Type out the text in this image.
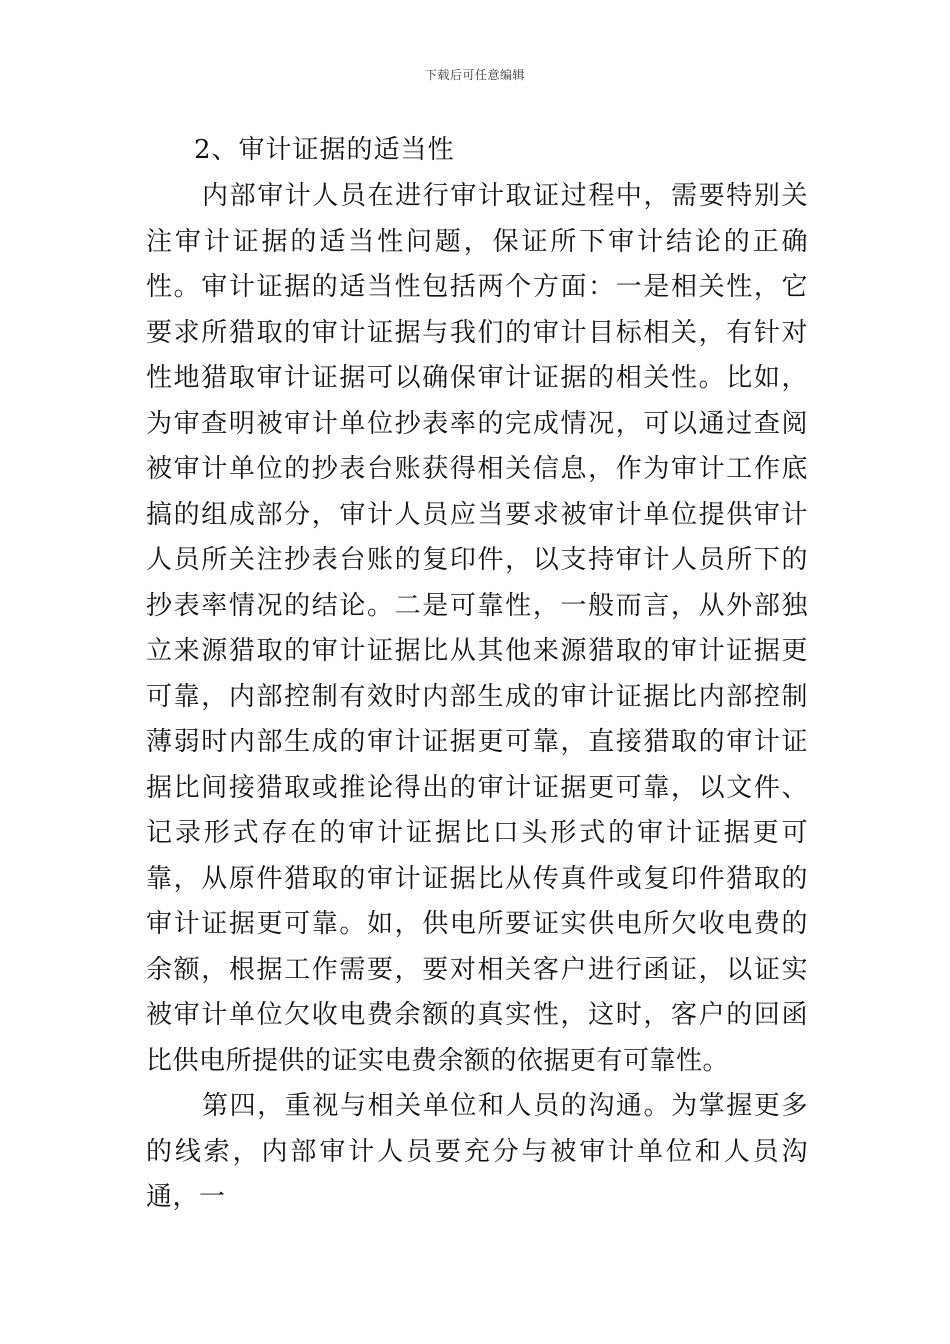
下载后可任意编辑
2、审计证据的适当性

内部审计人员在进行审计取证过程中，需要特别关注审计证据的适当性问题，保证所下审计结论的正确性。审计证据的适当性包括两个方面：一是相关性，它要求所猎取的审计证据与我们的审计目标相关，有针对性地猎取审计证据可以确保审计证据的相关性。比如，为审查明被审计单位抄表率的完成情况，可以通过查阅被审计单位的抄表台账获得相关信息，作为审计工作底搞的组成部分，审计人员应当要求被审计单位提供审计人员所关注抄表台账的复印件，以支持审计人员所下的抄表率情况的结论。二是可靠性，一般而言，从外部独立来源猎取的审计证据比从其他来源猎取的审计证据更可靠，内部控制有效时内部生成的审计证据比内部控制薄弱时内部生成的审计证据更可靠，直接猎取的审计证据比间接猎取或推论得出的审计证据更可靠，以文件、记录形式存在的审计证据比口头形式的审计证据更可靠，从原件猎取的审计证据比从传真件或复印件猎取的审计证据更可靠。如，供电所要证实供电所欠收电费的余额，根据工作需要，要对相关客户进行函证，以证实被审计单位欠收电费余额的真实性，这时，客户的回函比供电所提供的证实电费余额的依据更有可靠性。

第四，重视与相关单位和人员的沟通。为掌握更多的线索，内部审计人员要充分与被审计单位和人员沟通，一
